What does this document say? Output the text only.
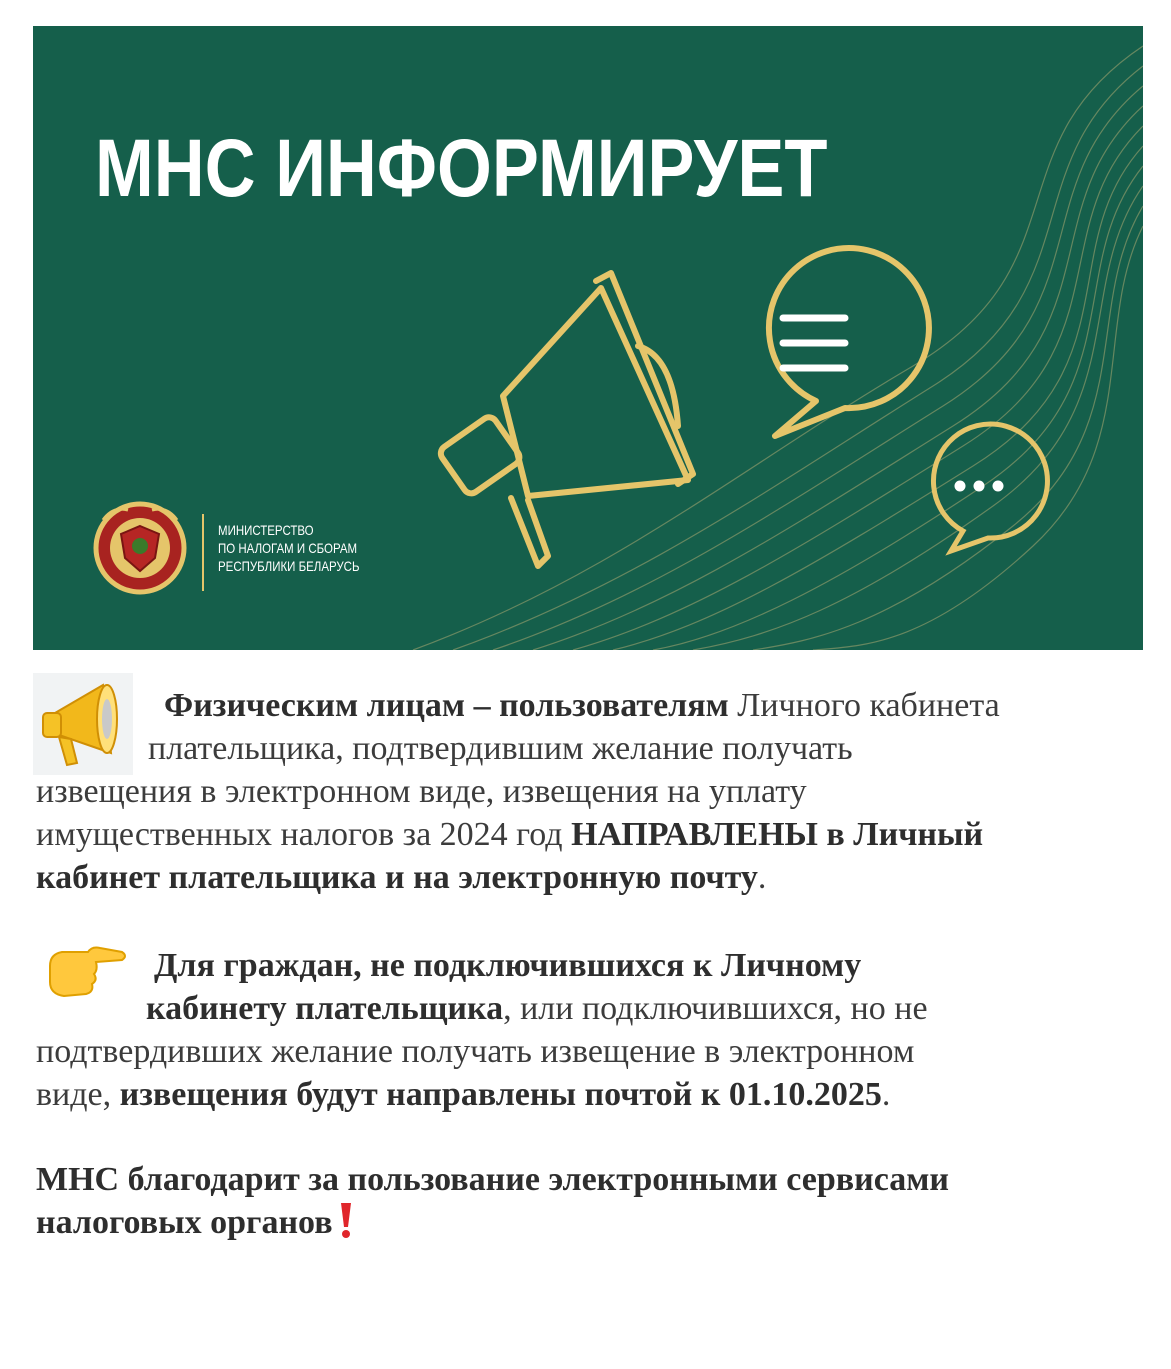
МНС ИНФОРМИРУЕТ
МИНИСТЕРСТВО
ПО НАЛОГАМ И СБОРАМ
РЕСПУБЛИКИ БЕЛАРУСЬ
Физическим лицам – пользователям Личного кабинета
плательщика, подтвердившим желание получать
извещения в электронном виде, извещения на уплату
имущественных налогов за 2024 год НАПРАВЛЕНЫ в Личный
кабинет плательщика и на электронную почту.
Для граждан, не подключившихся к Личному
кабинету плательщика, или подключившихся, но не
подтвердивших желание получать извещение в электронном
виде, извещения будут направлены почтой к 01.10.2025.
МНС благодарит за пользование электронными сервисами
налоговых органов
